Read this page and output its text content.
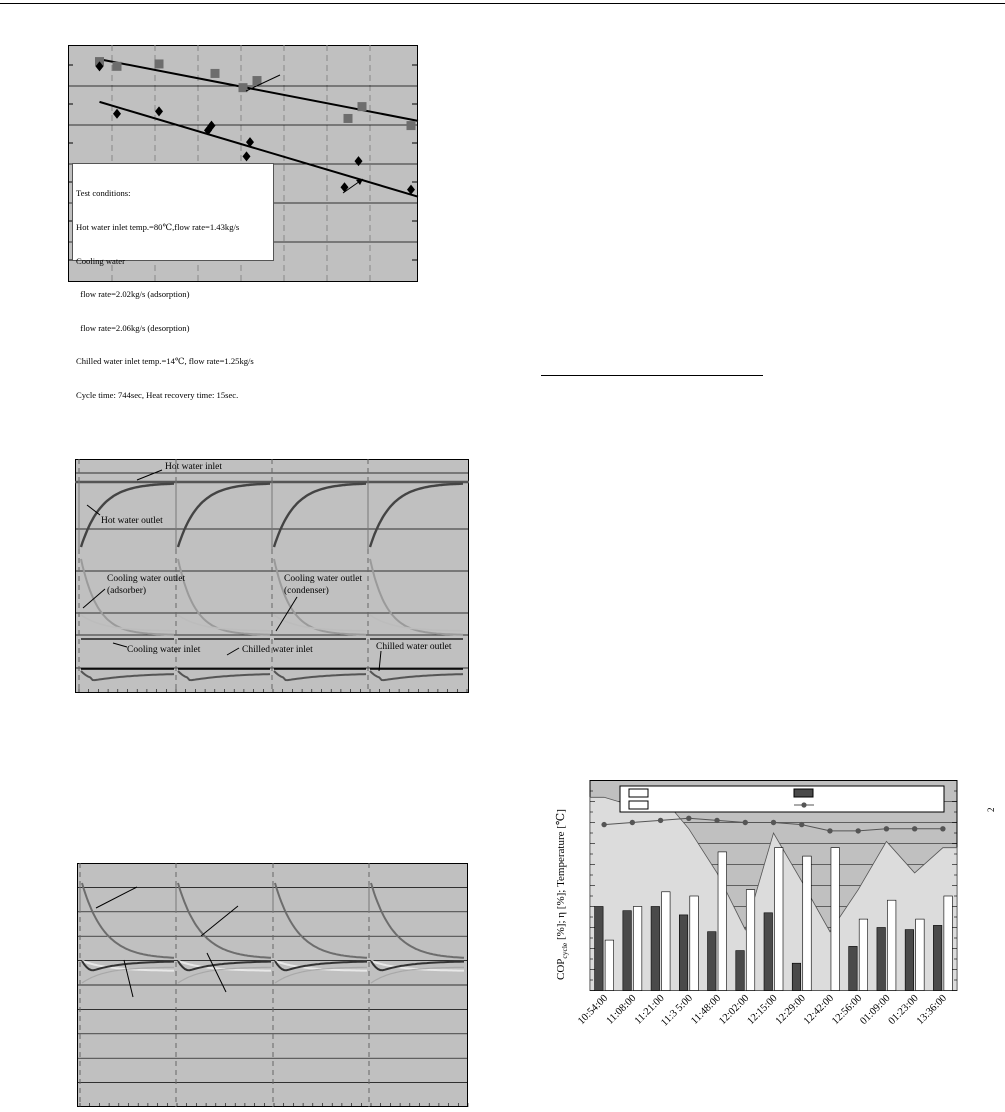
Test conditions:

Hot water inlet temp.=80℃,flow rate=1.43kg/s

Cooling water

flow rate=2.02kg/s (adsorption)

flow rate=2.06kg/s (desorption)

Chilled water inlet temp.=14℃, flow rate=1.25kg/s

Cycle time: 744sec, Heat recovery time: 15sec.

Hot water inlet
Hot water outlet
Cooling water outlet
(adsorber)
Cooling water outlet
(condenser)
Cooling water inlet	Chilled water inlet	Chilled water outlet
10:54:00
11:08:00
11:21:00
11:3 5:00
11:48:00
12:02:00
12:15:00
12:29:00
12:42:00
12:56:00
01:09:00
01:23:00
13:36:00
$COP_{cycle}$ [%]; η [%]; Temperature [℃]	2
